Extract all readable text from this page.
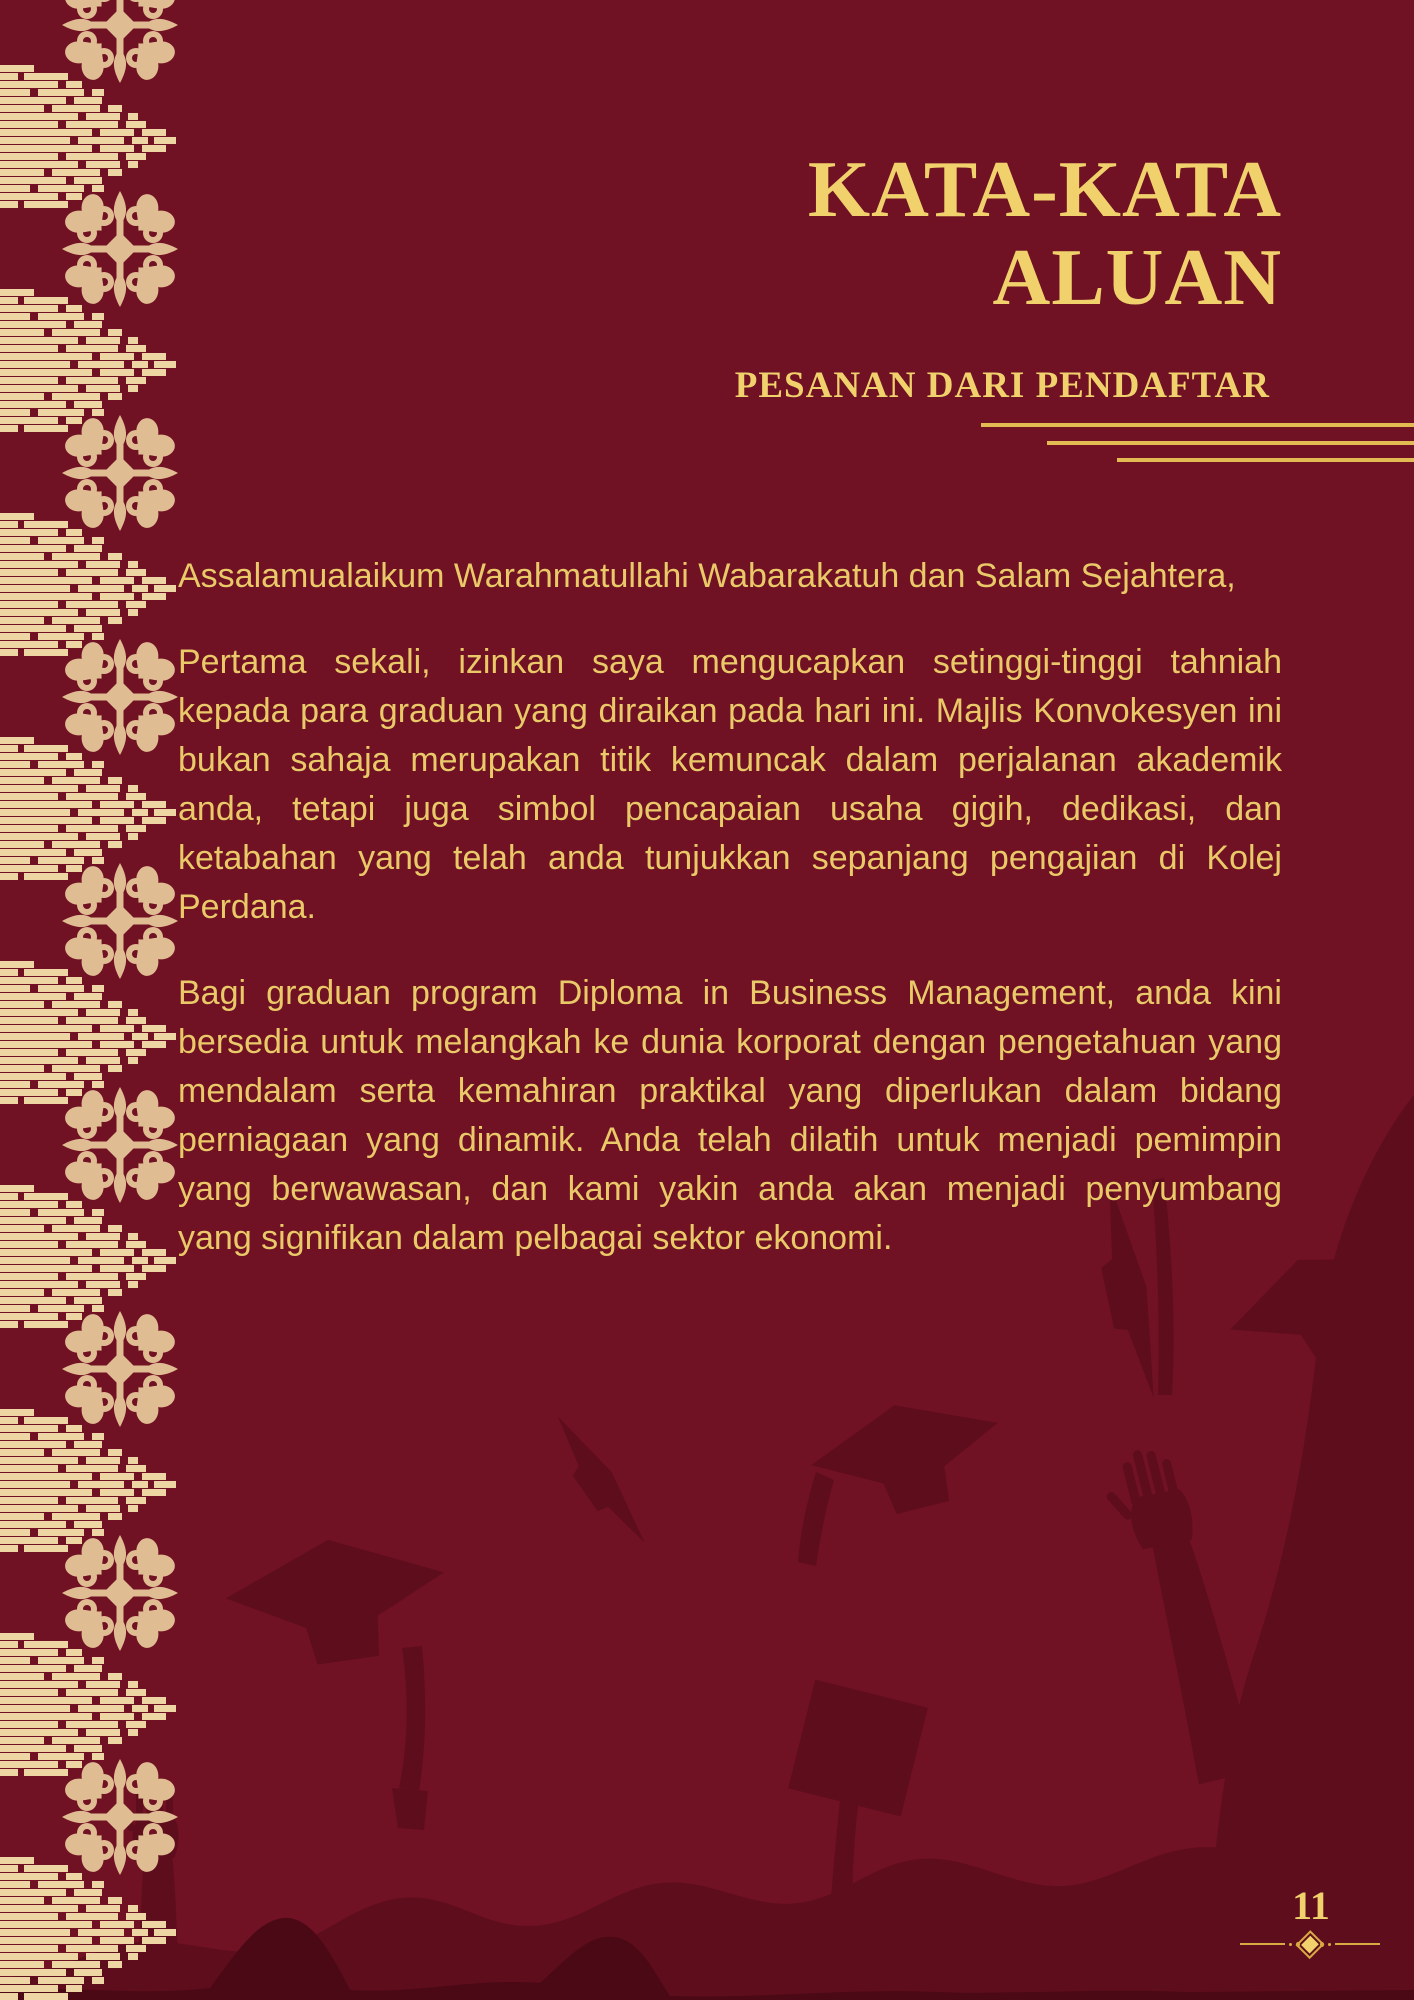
KATA-KATA
ALUAN
PESANAN DARI PENDAFTAR

Assalamualaikum Warahmatullahi Wabarakatuh dan Salam Sejahtera,

Pertama sekali, izinkan saya mengucapkan setinggi-tinggi tahniah kepada para graduan yang diraikan pada hari ini. Majlis Konvokesyen ini bukan sahaja merupakan titik kemuncak dalam perjalanan akademik anda, tetapi juga simbol pencapaian usaha gigih, dedikasi, dan ketabahan yang telah anda tunjukkan sepanjang pengajian di Kolej Perdana.

Bagi graduan program Diploma in Business Management, anda kini bersedia untuk melangkah ke dunia korporat dengan pengetahuan yang mendalam serta kemahiran praktikal yang diperlukan dalam bidang perniagaan yang dinamik. Anda telah dilatih untuk menjadi pemimpin yang berwawasan, dan kami yakin anda akan menjadi penyumbang yang signifikan dalam pelbagai sektor ekonomi.

11
